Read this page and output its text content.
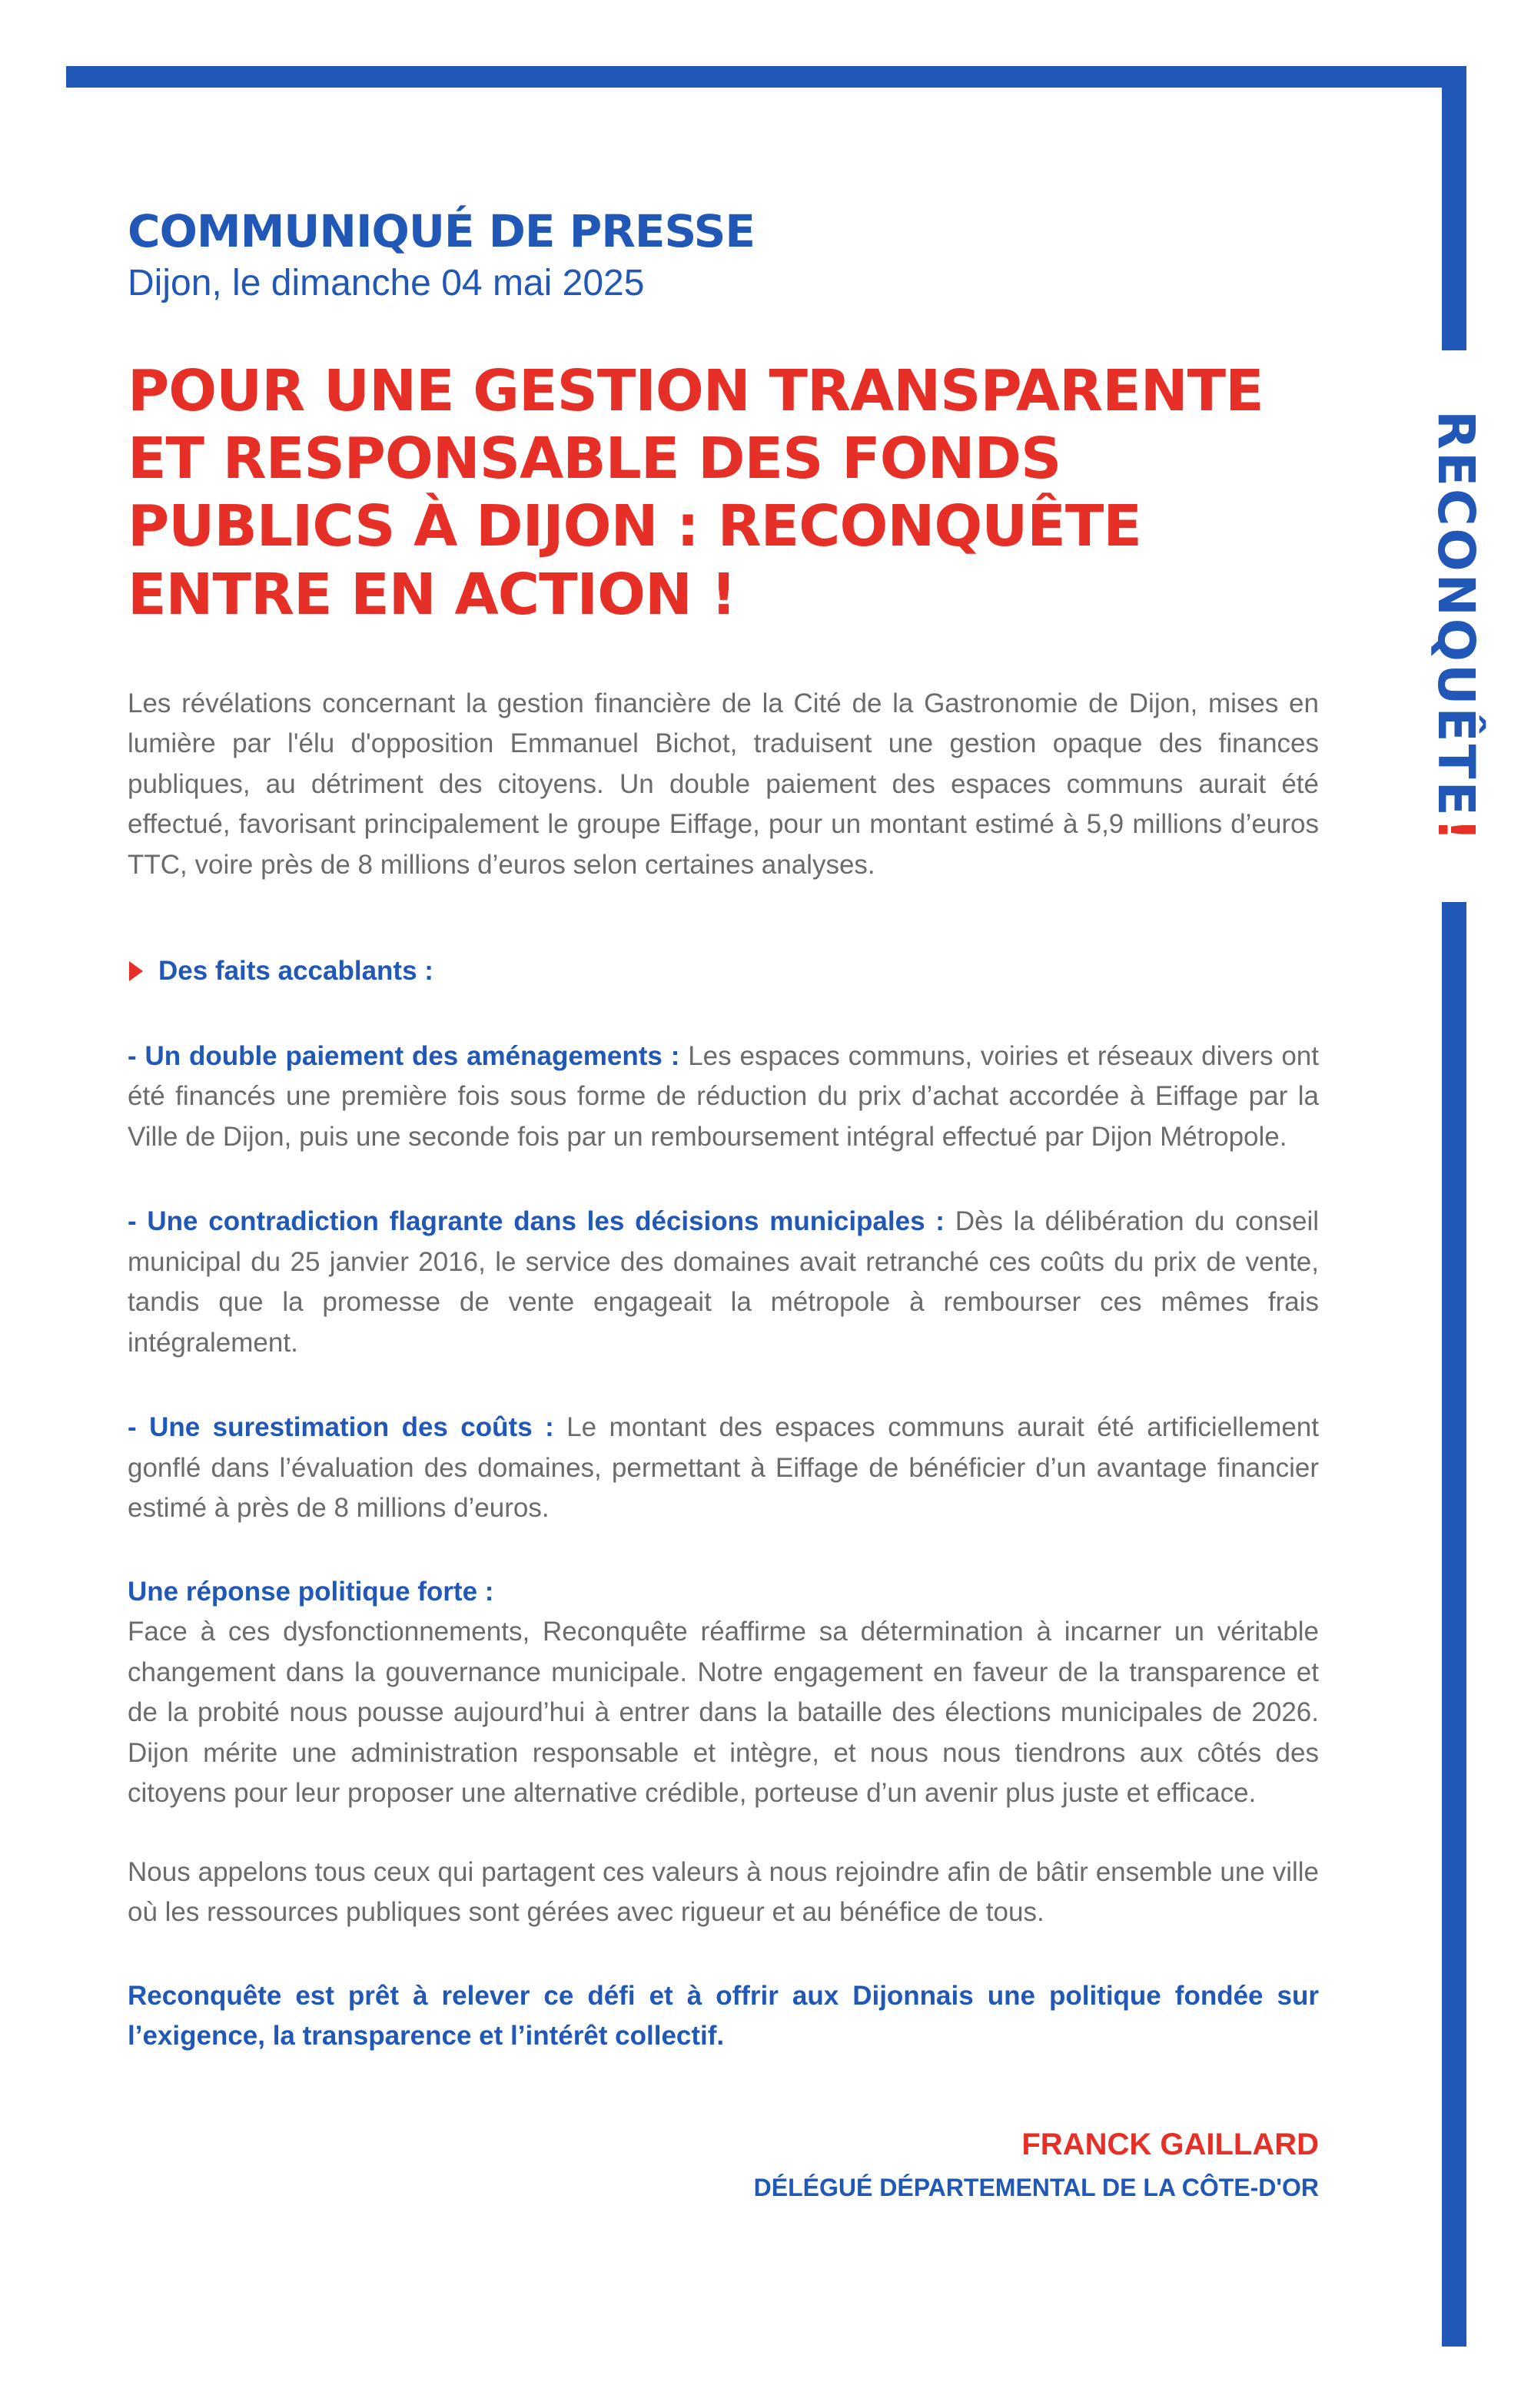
RECONQUÊTE!
COMMUNIQUÉ DE PRESSE

Dijon, le dimanche 04 mai 2025

POUR UNE GESTION TRANSPARENTE ET RESPONSABLE DES FONDS PUBLICS À DIJON : RECONQUÊTE ENTRE EN ACTION !

Les révélations concernant la gestion financière de la Cité de la Gastronomie de Dijon, mises en lumière par l'élu d'opposition Emmanuel Bichot, traduisent une gestion opaque des finances publiques, au détriment des citoyens. Un double paiement des espaces communs aurait été effectué, favorisant principalement le groupe Eiffage, pour un montant estimé à 5,9 millions d’euros TTC, voire près de 8 millions d’euros selon certaines analyses.

Des faits accablants :

- Un double paiement des aménagements : Les espaces communs, voiries et réseaux divers ont été financés une première fois sous forme de réduction du prix d’achat accordée à Eiffage par la Ville de Dijon, puis une seconde fois par un remboursement intégral effectué par Dijon Métropole.

- Une contradiction flagrante dans les décisions municipales : Dès la délibération du conseil municipal du 25 janvier 2016, le service des domaines avait retranché ces coûts du prix de vente, tandis que la promesse de vente engageait la métropole à rembourser ces mêmes frais intégralement.

- Une surestimation des coûts : Le montant des espaces communs aurait été artificiellement gonflé dans l’évaluation des domaines, permettant à Eiffage de bénéficier d’un avantage financier estimé à près de 8 millions d’euros.

Une réponse politique forte :

Face à ces dysfonctionnements, Reconquête réaffirme sa détermination à incarner un véritable changement dans la gouvernance municipale. Notre engagement en faveur de la transparence et de la probité nous pousse aujourd’hui à entrer dans la bataille des élections municipales de 2026. Dijon mérite une administration responsable et intègre, et nous nous tiendrons aux côtés des citoyens pour leur proposer une alternative crédible, porteuse d’un avenir plus juste et efficace.

Nous appelons tous ceux qui partagent ces valeurs à nous rejoindre afin de bâtir ensemble une ville où les ressources publiques sont gérées avec rigueur et au bénéfice de tous.

Reconquête est prêt à relever ce défi et à offrir aux Dijonnais une politique fondée sur l’exigence, la transparence et l’intérêt collectif.

FRANCK GAILLARD
DÉLÉGUÉ DÉPARTEMENTAL DE LA CÔTE-D'OR
